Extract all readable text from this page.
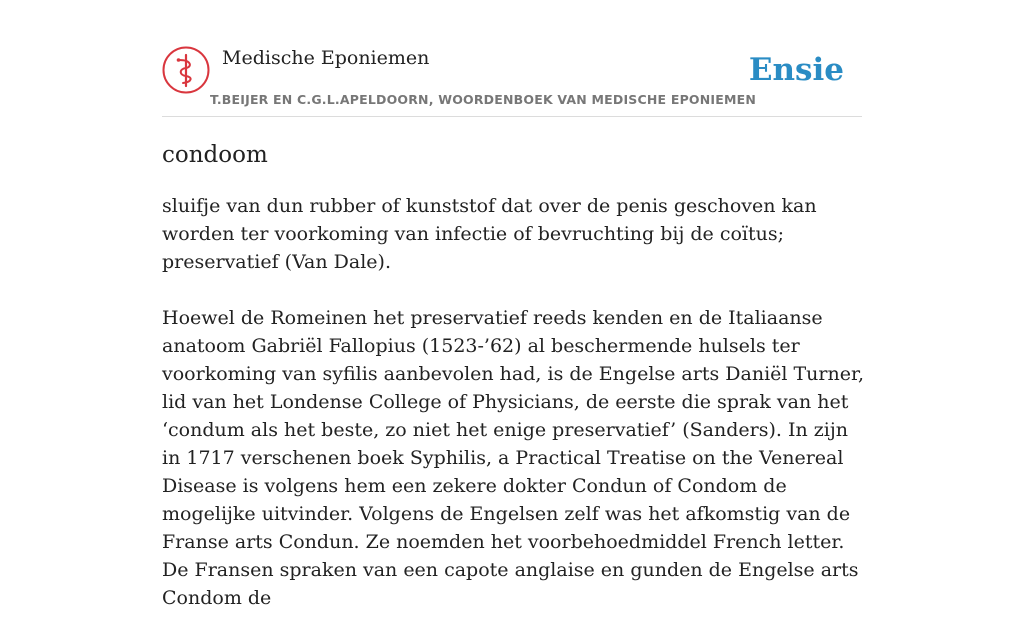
Medische Eponiemen
T.BEIJER EN C.G.L.APELDOORN, WOORDENBOEK VAN MEDISCHE EPONIEMEN
Ensie
condoom

sluifje van dun rubber of kunststof dat over de penis geschoven kan worden ter voorkoming van infectie of bevruchting bij de coïtus; preservatief (Van Dale).

Hoewel de Romeinen het preservatief reeds kenden en de Italiaanse anatoom Gabriël Fallopius (1523-’62) al beschermende hulsels ter voorkoming van syfilis aanbevolen had, is de Engelse arts Daniël Turner, lid van het Londense College of Physicians, de eerste die sprak van het ‘condum als het beste, zo niet het enige preservatief’ (Sanders). In zijn in 1717 verschenen boek Syphilis, a Practical Treatise on the Venereal Disease is volgens hem een zekere dokter Condun of Condom de mogelijke uitvinder. Volgens de Engelsen zelf was het afkomstig van de Franse arts Condun. Ze noemden het voorbehoedmiddel French letter. De Fransen spraken van een capote anglaise en gunden de Engelse arts Condom de
